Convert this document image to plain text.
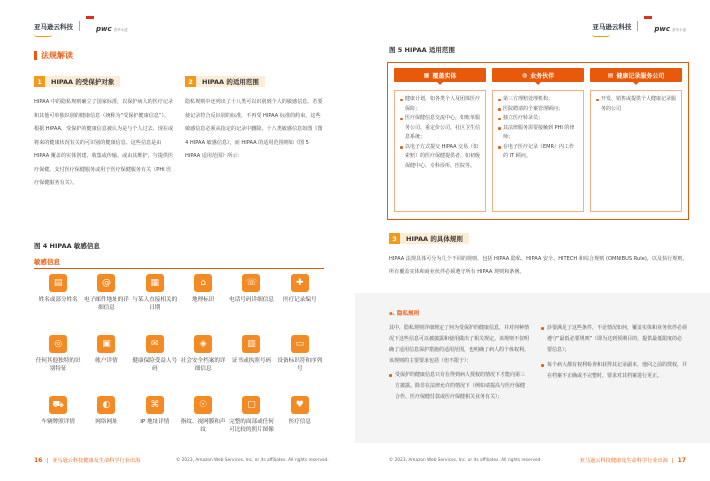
亚马逊云科技	pwc 普华永道
法规解读
1	HIPAA 的受保护对象	2	HIPAA 的适用范围
HIPAA 中的隐私规则确立了国家标准，以保护病人的医疗记录和其他可单独识别的健康信息（统称为“受保护健康信息”）。根据 HIPAA，受保护的健康信息被认为是与个人过去、现在或将来的健康状况有关的可识别的健康信息。这些信息是由 HIPAA 覆盖的实体创建、收集或传输。或由其维护，与提供医疗保健、支付医疗保健服务或用于医疗保健服务有关（PHI 医疗保健服务有关）。
隐私规则中还列出了十八类可以识别到个人的敏感信息。若要使记录符合反识别的标准，不再受 HIPAA 标准的约束。这些敏感信息必须从指定的记录中删除。十八类敏感信息如图《图 4 HIPAA 敏感信息》，而 HIPAA 的适用范围则如《图 5 HIPAA 适用范围》所示：
图 4 HIPAA 敏感信息
敏感信息
▤
姓名或部分姓名
@
电子邮件地址的详细信息
▦
与某人直接相关的日期
⌂
地理标识
☏
电话号码详细信息
✚
医疗记录编号
◎
任何其他独特的识别特征
▣
帐户详情
✉
健康保险受益人号码
◈
社会安全档案的详细信息
▥
证书或执照号码
▭
设备标识符和序列号
⛟
车辆牌照详情
◐
网络网址
⌘
IP 地址详情
☉
指纹、视网膜和声纹
▢
完整的面部或任何可比较的照片图像
♥
医疗信息
16 | 亚马逊云科技健康及生命科学行业出海	© 2023, Amazon Web Services, Inc. or its affiliates. All rights reserved.
亚马逊云科技	pwc 普华永道
图 5 HIPAA 适用范围
▦ 覆盖实体	◍ 业务伙伴	▤ 健康记录服务公司
健康计划，如各类个人及团体医疗保险；
医疗保健信息交流中心，如账单服务公司、重定价公司、社区卫生信息系统；
以电子方式提交 HIPAA 交易（如索赔）的医疗保健提供者，如初级保健中心、专科诊所、医院等。
第三方理赔处理机构；
医院聘请的个案管理顾问；
独立医疗转录员；
其法律服务需要接触到 PHI 的律师；
在电子医疗记录（EMR）内工作的 IT 顾问。
开发、销售或提供个人健康记录服务的公司
3	HIPAA 的具体规则
HIPAA 法规具体可分为几个不同的规则，包括 HIPAA 隐私、HIPAA 安全、HITECH 和综合规则 (OMNIBUS Rule)，以及执行规则。所有覆盖实体和商业伙伴必须遵守所有 HIPAA 规则和条例。
a. 隐私规则
其中，隐私规则详细规定了何为受保护的健康信息，并对何种情况下这些信息可以被披露和使用做出了相关规定。该规则不仅明确了适用信息保护措施的适用范围，也明确了病人的个体权利。该规则的主要要求包括（但不限于）：
受保护的健康信息只有在得到病人授权的情况下才能向第三方披露。除非在法律允许的情况下（例如请提高与医疗保健合作、医疗保健付款或医疗保健相关业务有关）；
診要满足了这些条件，不论情况如何，覆盖实体和业务伙伴必须遵守“最低必要规则”（即为达到预期目的，提供最低限度的必要信息）；
每个病人都有权利检查和获得其记录副本，他回之前的授权，并在档案不正确或不完整时，要求对其档案进行更正。
© 2023, Amazon Web Services, Inc. or its affiliates. All rights reserved.	亚马逊云科技健康及生命科学行业出海 | 17
